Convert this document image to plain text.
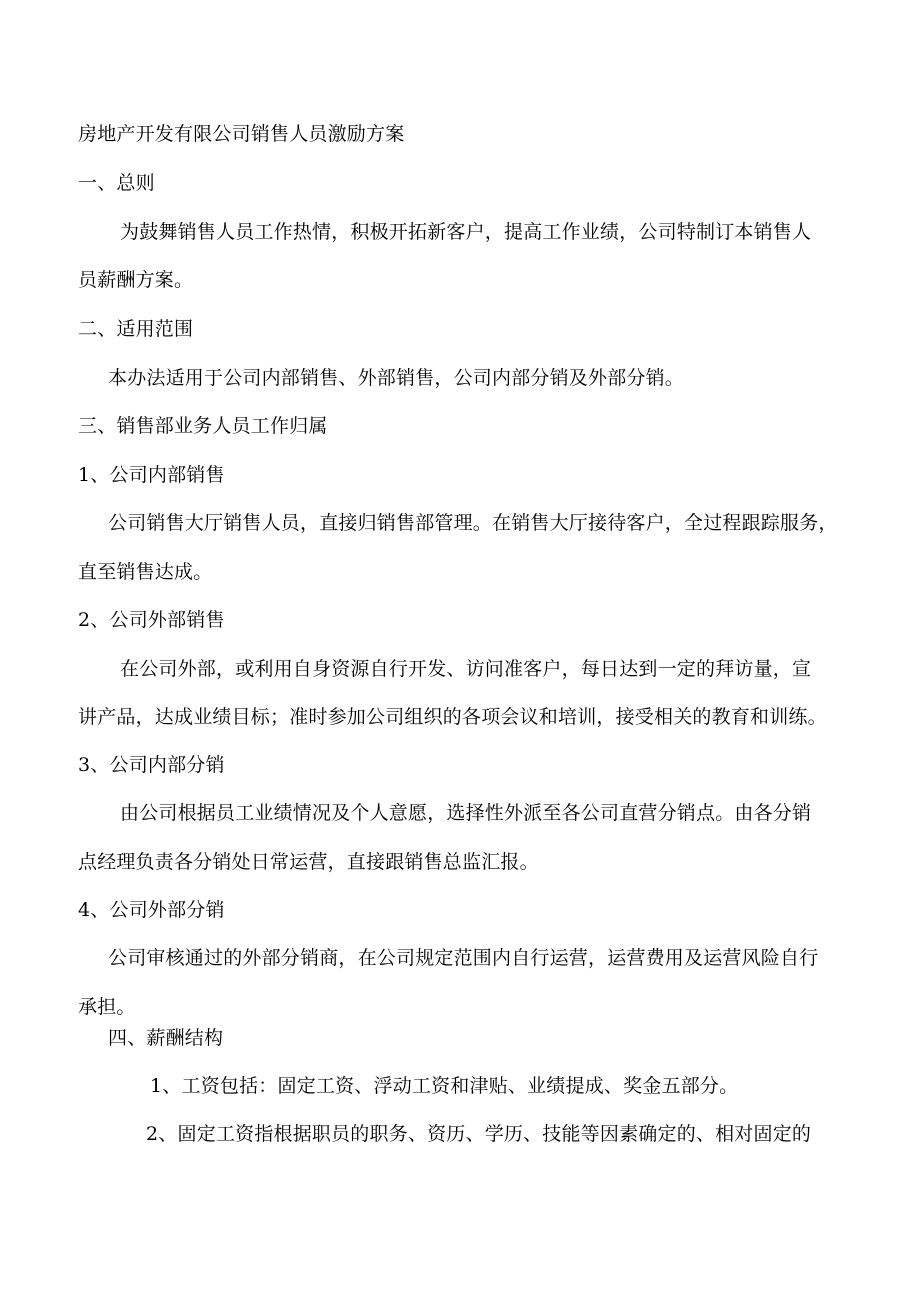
房地产开发有限公司销售人员激励方案
一、总则
为鼓舞销售人员工作热情，积极开拓新客户，提高工作业绩，公司特制订本销售人
员薪酬方案。
二、适用范围
本办法适用于公司内部销售、外部销售，公司内部分销及外部分销。
三、销售部业务人员工作归属
1、公司内部销售
公司销售大厅销售人员，直接归销售部管理。在销售大厅接待客户，全过程跟踪服务，
直至销售达成。
2、公司外部销售
在公司外部，或利用自身资源自行开发、访问准客户，每日达到一定的拜访量，宣
讲产品，达成业绩目标；准时参加公司组织的各项会议和培训，接受相关的教育和训练。
3、公司内部分销
由公司根据员工业绩情况及个人意愿，选择性外派至各公司直营分销点。由各分销
点经理负责各分销处日常运营，直接跟销售总监汇报。
4、公司外部分销
公司审核通过的外部分销商，在公司规定范围内自行运营，运营费用及运营风险自行
承担。
四、薪酬结构
1、工资包括：固定工资、浮动工资和津贴、业绩提成、奖金五部分。
2、固定工资指根据职员的职务、资历、学历、技能等因素确定的、相对固定的
